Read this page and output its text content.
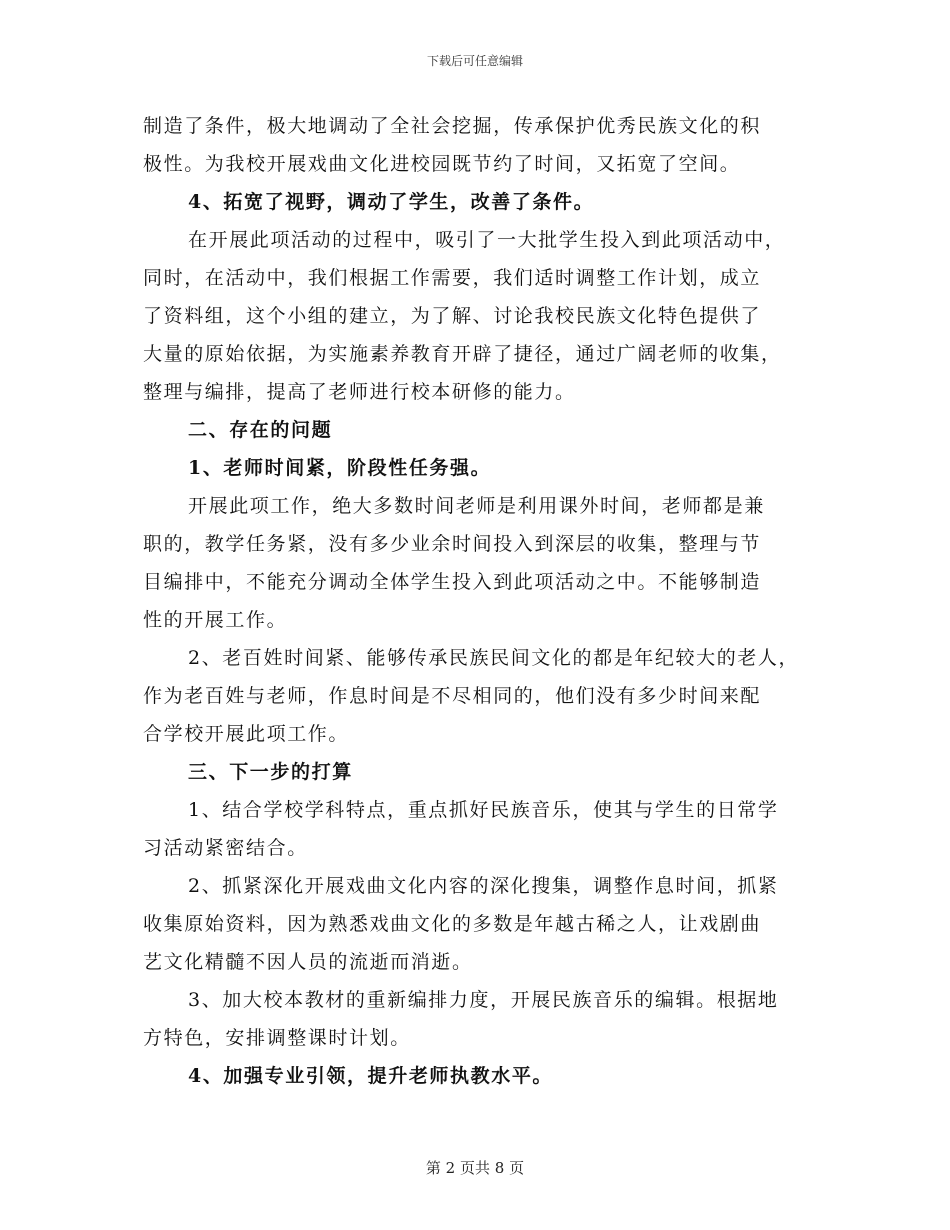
下载后可任意编辑
制造了条件，极大地调动了全社会挖掘，传承保护优秀民族文化的积
极性。为我校开展戏曲文化进校园既节约了时间，又拓宽了空间。
4、拓宽了视野，调动了学生，改善了条件。
在开展此项活动的过程中，吸引了一大批学生投入到此项活动中，
同时，在活动中，我们根据工作需要，我们适时调整工作计划，成立
了资料组，这个小组的建立，为了解、讨论我校民族文化特色提供了
大量的原始依据，为实施素养教育开辟了捷径，通过广阔老师的收集，
整理与编排，提高了老师进行校本研修的能力。
二、存在的问题
1、老师时间紧，阶段性任务强。
开展此项工作，绝大多数时间老师是利用课外时间，老师都是兼
职的，教学任务紧，没有多少业余时间投入到深层的收集，整理与节
目编排中，不能充分调动全体学生投入到此项活动之中。不能够制造
性的开展工作。
2、老百姓时间紧、能够传承民族民间文化的都是年纪较大的老人，
作为老百姓与老师，作息时间是不尽相同的，他们没有多少时间来配
合学校开展此项工作。
三、下一步的打算
1、结合学校学科特点，重点抓好民族音乐，使其与学生的日常学
习活动紧密结合。
2、抓紧深化开展戏曲文化内容的深化搜集，调整作息时间，抓紧
收集原始资料，因为熟悉戏曲文化的多数是年越古稀之人，让戏剧曲
艺文化精髓不因人员的流逝而消逝。
3、加大校本教材的重新编排力度，开展民族音乐的编辑。根据地
方特色，安排调整课时计划。
4、加强专业引领，提升老师执教水平。
第 2 页共 8 页
